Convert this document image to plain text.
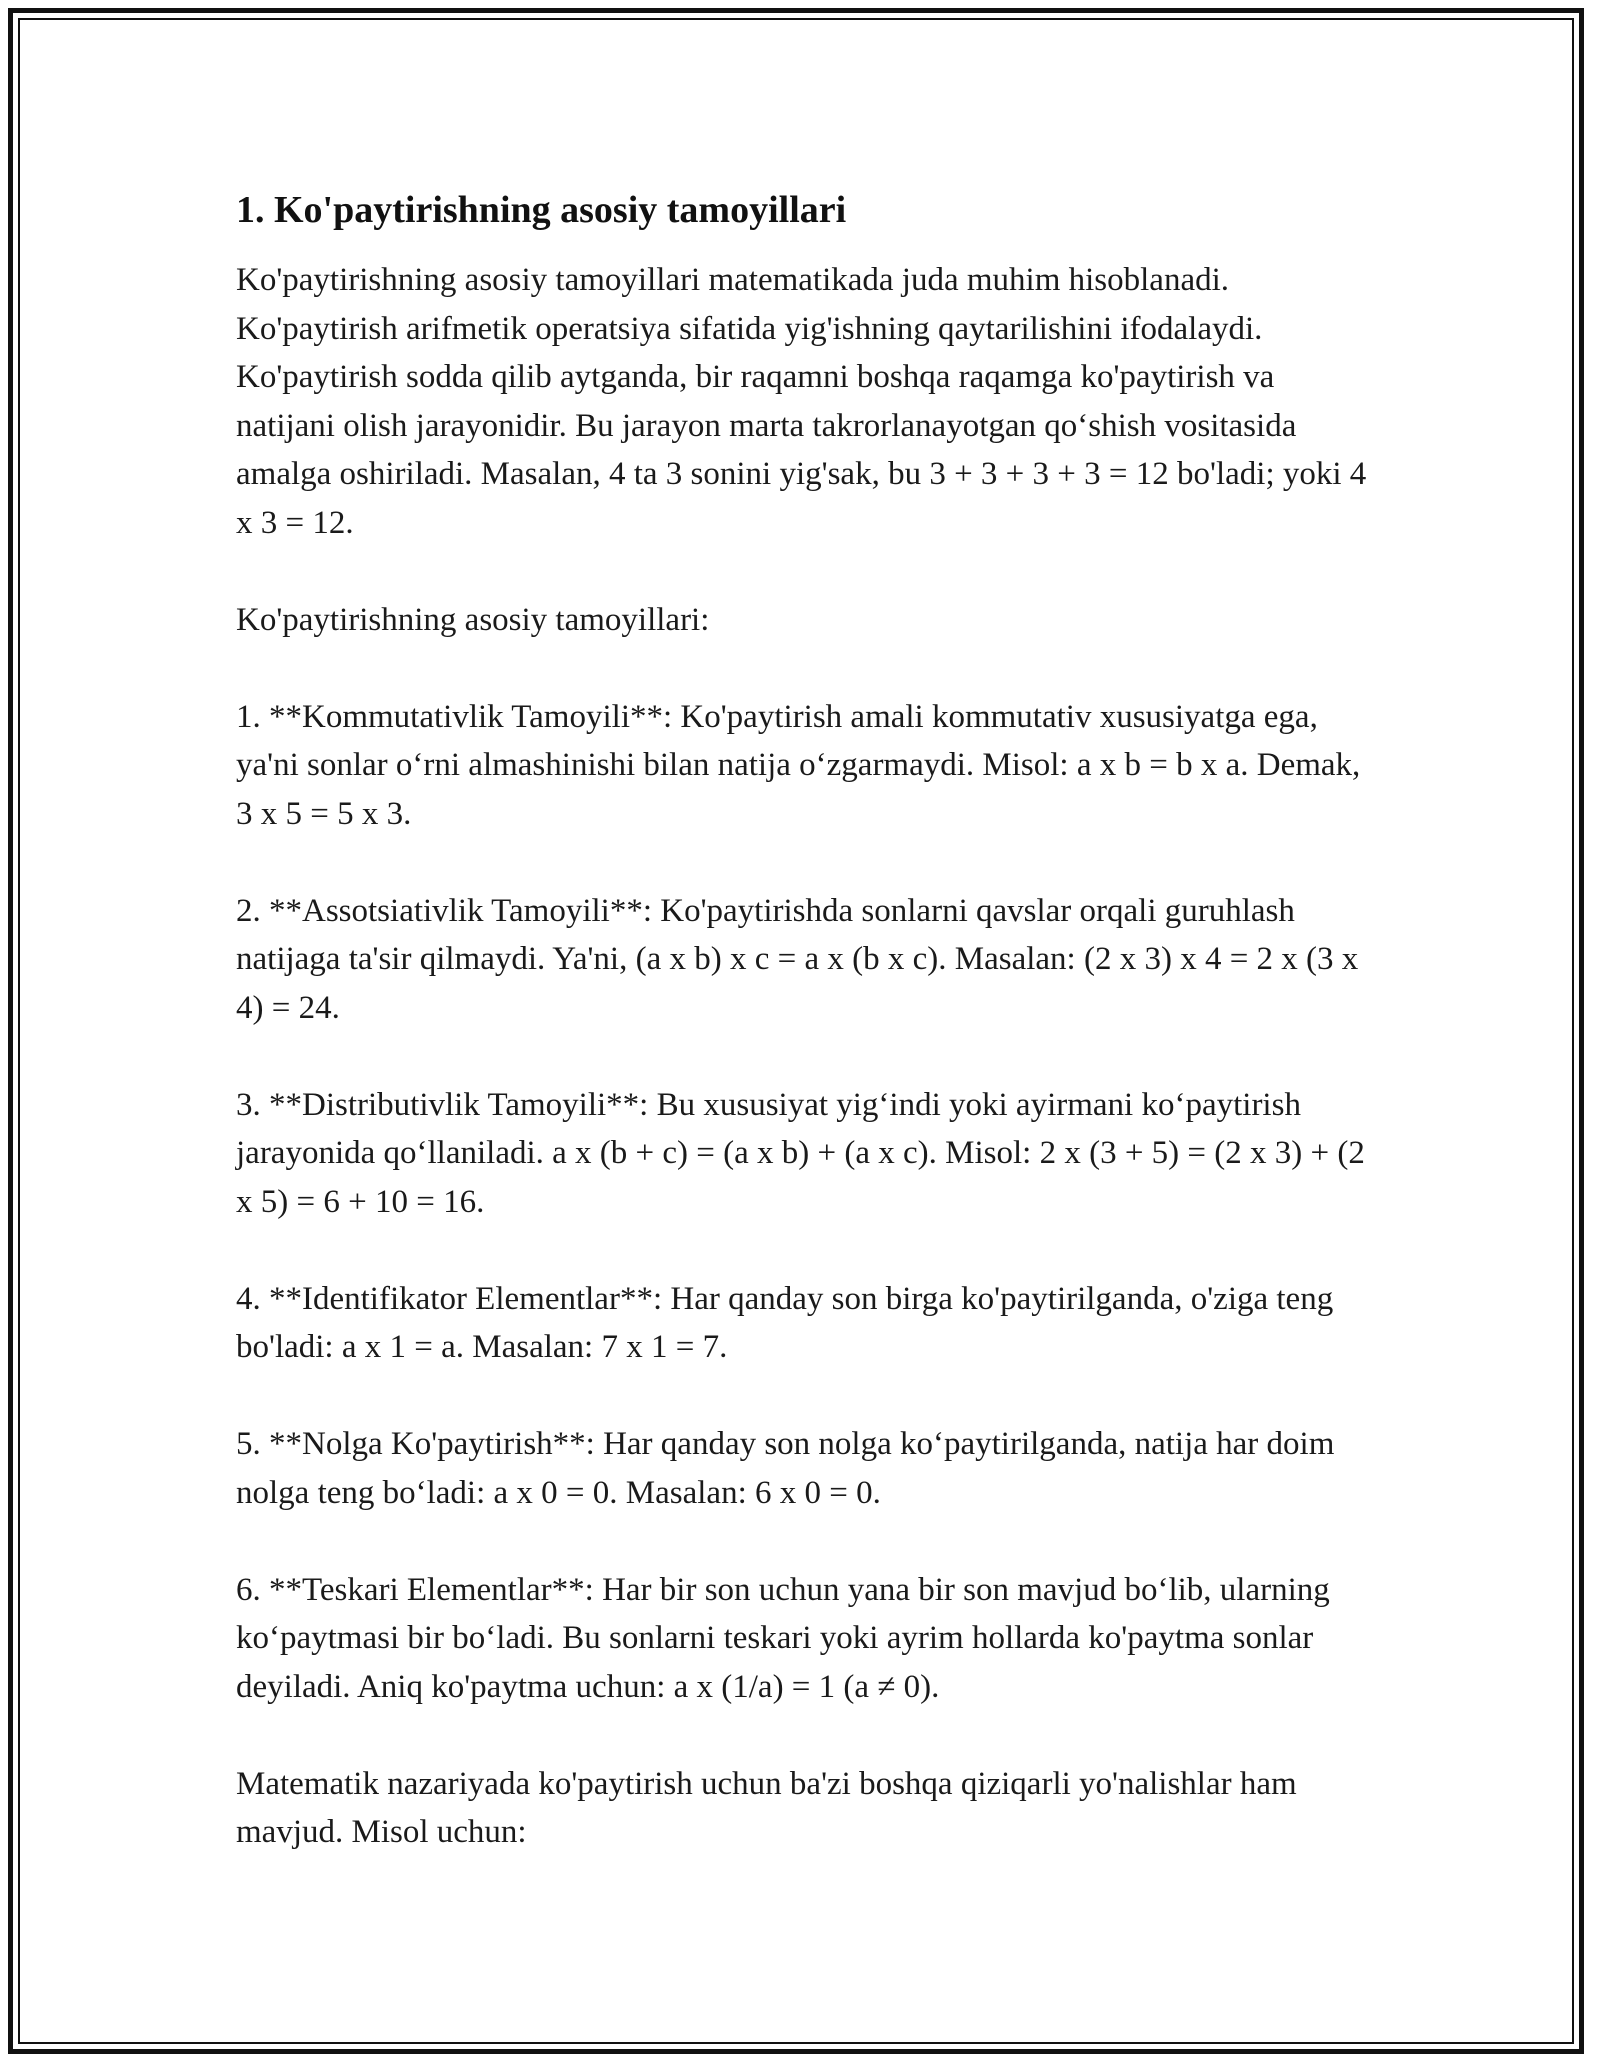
1. Ko'paytirishning asosiy tamoyillari

Ko'paytirishning asosiy tamoyillari matematikada juda muhim hisoblanadi. Ko'paytirish arifmetik operatsiya sifatida yig'ishning qaytarilishini ifodalaydi. Ko'paytirish sodda qilib aytganda, bir raqamni boshqa raqamga ko'paytirish va natijani olish jarayonidir. Bu jarayon marta takrorlanayotgan qo‘shish vositasida amalga oshiriladi. Masalan, 4 ta 3 sonini yig'sak, bu 3 + 3 + 3 + 3 = 12 bo'ladi; yoki 4 x 3 = 12.

Ko'paytirishning asosiy tamoyillari:

1. **Kommutativlik Tamoyili**: Ko'paytirish amali kommutativ xususiyatga ega, ya'ni sonlar o‘rni almashinishi bilan natija o‘zgarmaydi. Misol: a x b = b x a. Demak, 3 x 5 = 5 x 3.

2. **Assotsiativlik Tamoyili**: Ko'paytirishda sonlarni qavslar orqali guruhlash natijaga ta'sir qilmaydi. Ya'ni, (a x b) x c = a x (b x c). Masalan: (2 x 3) x 4 = 2 x (3 x 4) = 24.

3. **Distributivlik Tamoyili**: Bu xususiyat yig‘indi yoki ayirmani ko‘paytirish jarayonida qo‘llaniladi. a x (b + c) = (a x b) + (a x c). Misol: 2 x (3 + 5) = (2 x 3) + (2 x 5) = 6 + 10 = 16.

4. **Identifikator Elementlar**: Har qanday son birga ko'paytirilganda, o'ziga teng bo'ladi: a x 1 = a. Masalan: 7 x 1 = 7.

5. **Nolga Ko'paytirish**: Har qanday son nolga ko‘paytirilganda, natija har doim nolga teng bo‘ladi: a x 0 = 0. Masalan: 6 x 0 = 0.

6. **Teskari Elementlar**: Har bir son uchun yana bir son mavjud bo‘lib, ularning ko‘paytmasi bir bo‘ladi. Bu sonlarni teskari yoki ayrim hollarda ko'paytma sonlar deyiladi. Aniq ko'paytma uchun: a x (1/a) = 1 (a ≠ 0).

Matematik nazariyada ko'paytirish uchun ba'zi boshqa qiziqarli yo'nalishlar ham mavjud. Misol uchun:
